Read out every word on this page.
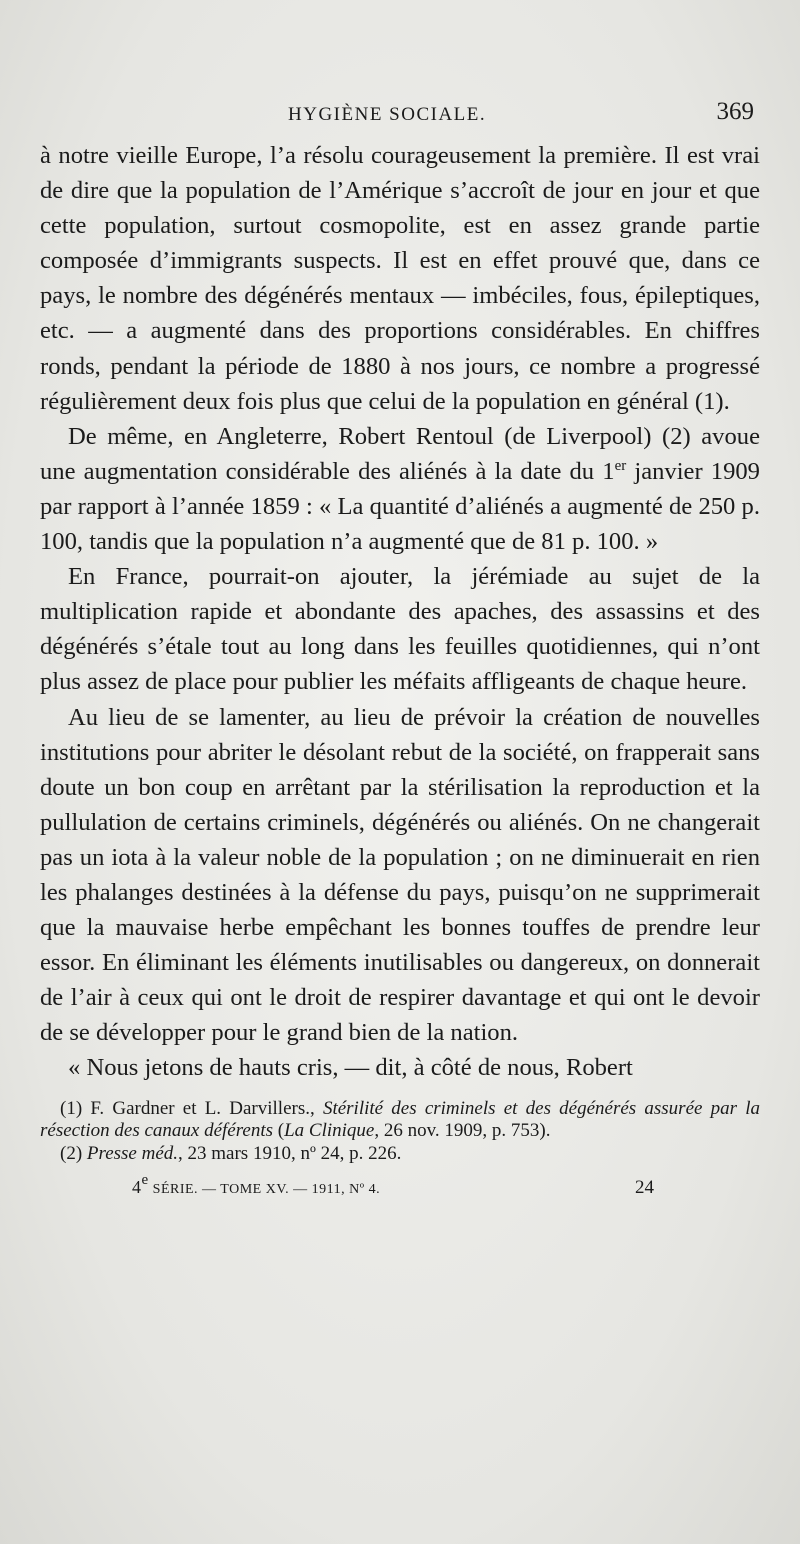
HYGIÈNE SOCIALE.	369

à notre vieille Europe, l’a résolu courageusement la première. Il est vrai de dire que la population de l’Amérique s’accroît de jour en jour et que cette population, surtout cosmopolite, est en assez grande partie composée d’immigrants suspects. Il est en effet prouvé que, dans ce pays, le nombre des dégénérés mentaux — imbéciles, fous, épileptiques, etc. — a augmenté dans des proportions considérables. En chiffres ronds, pendant la période de 1880 à nos jours, ce nombre a progressé régulièrement deux fois plus que celui de la population en général (1).

De même, en Angleterre, Robert Rentoul (de Liverpool) (2) avoue une augmentation considérable des aliénés à la date du 1er janvier 1909 par rapport à l’année 1859 : « La quantité d’aliénés a augmenté de 250 p. 100, tandis que la population n’a augmenté que de 81 p. 100. »

En France, pourrait-on ajouter, la jérémiade au sujet de la multiplication rapide et abondante des apaches, des assassins et des dégénérés s’étale tout au long dans les feuilles quotidiennes, qui n’ont plus assez de place pour publier les méfaits affligeants de chaque heure.

Au lieu de se lamenter, au lieu de prévoir la création de nouvelles institutions pour abriter le désolant rebut de la société, on frapperait sans doute un bon coup en arrêtant par la stérilisation la reproduction et la pullulation de certains criminels, dégénérés ou aliénés. On ne changerait pas un iota à la valeur noble de la population ; on ne diminuerait en rien les phalanges destinées à la défense du pays, puisqu’on ne supprimerait que la mauvaise herbe empêchant les bonnes touffes de prendre leur essor. En éliminant les éléments inutilisables ou dangereux, on donnerait de l’air à ceux qui ont le droit de respirer davantage et qui ont le devoir de se développer pour le grand bien de la nation.

« Nous jetons de hauts cris, — dit, à côté de nous, Robert

(1) F. Gardner et L. Darvillers., Stérilité des criminels et des dégénérés assurée par la résection des canaux déférents (La Clinique, 26 nov. 1909, p. 753).

(2) Presse méd., 23 mars 1910, nº 24, p. 226.

4e SÉRIE. — TOME XV. — 1911, Nº 4.	24
